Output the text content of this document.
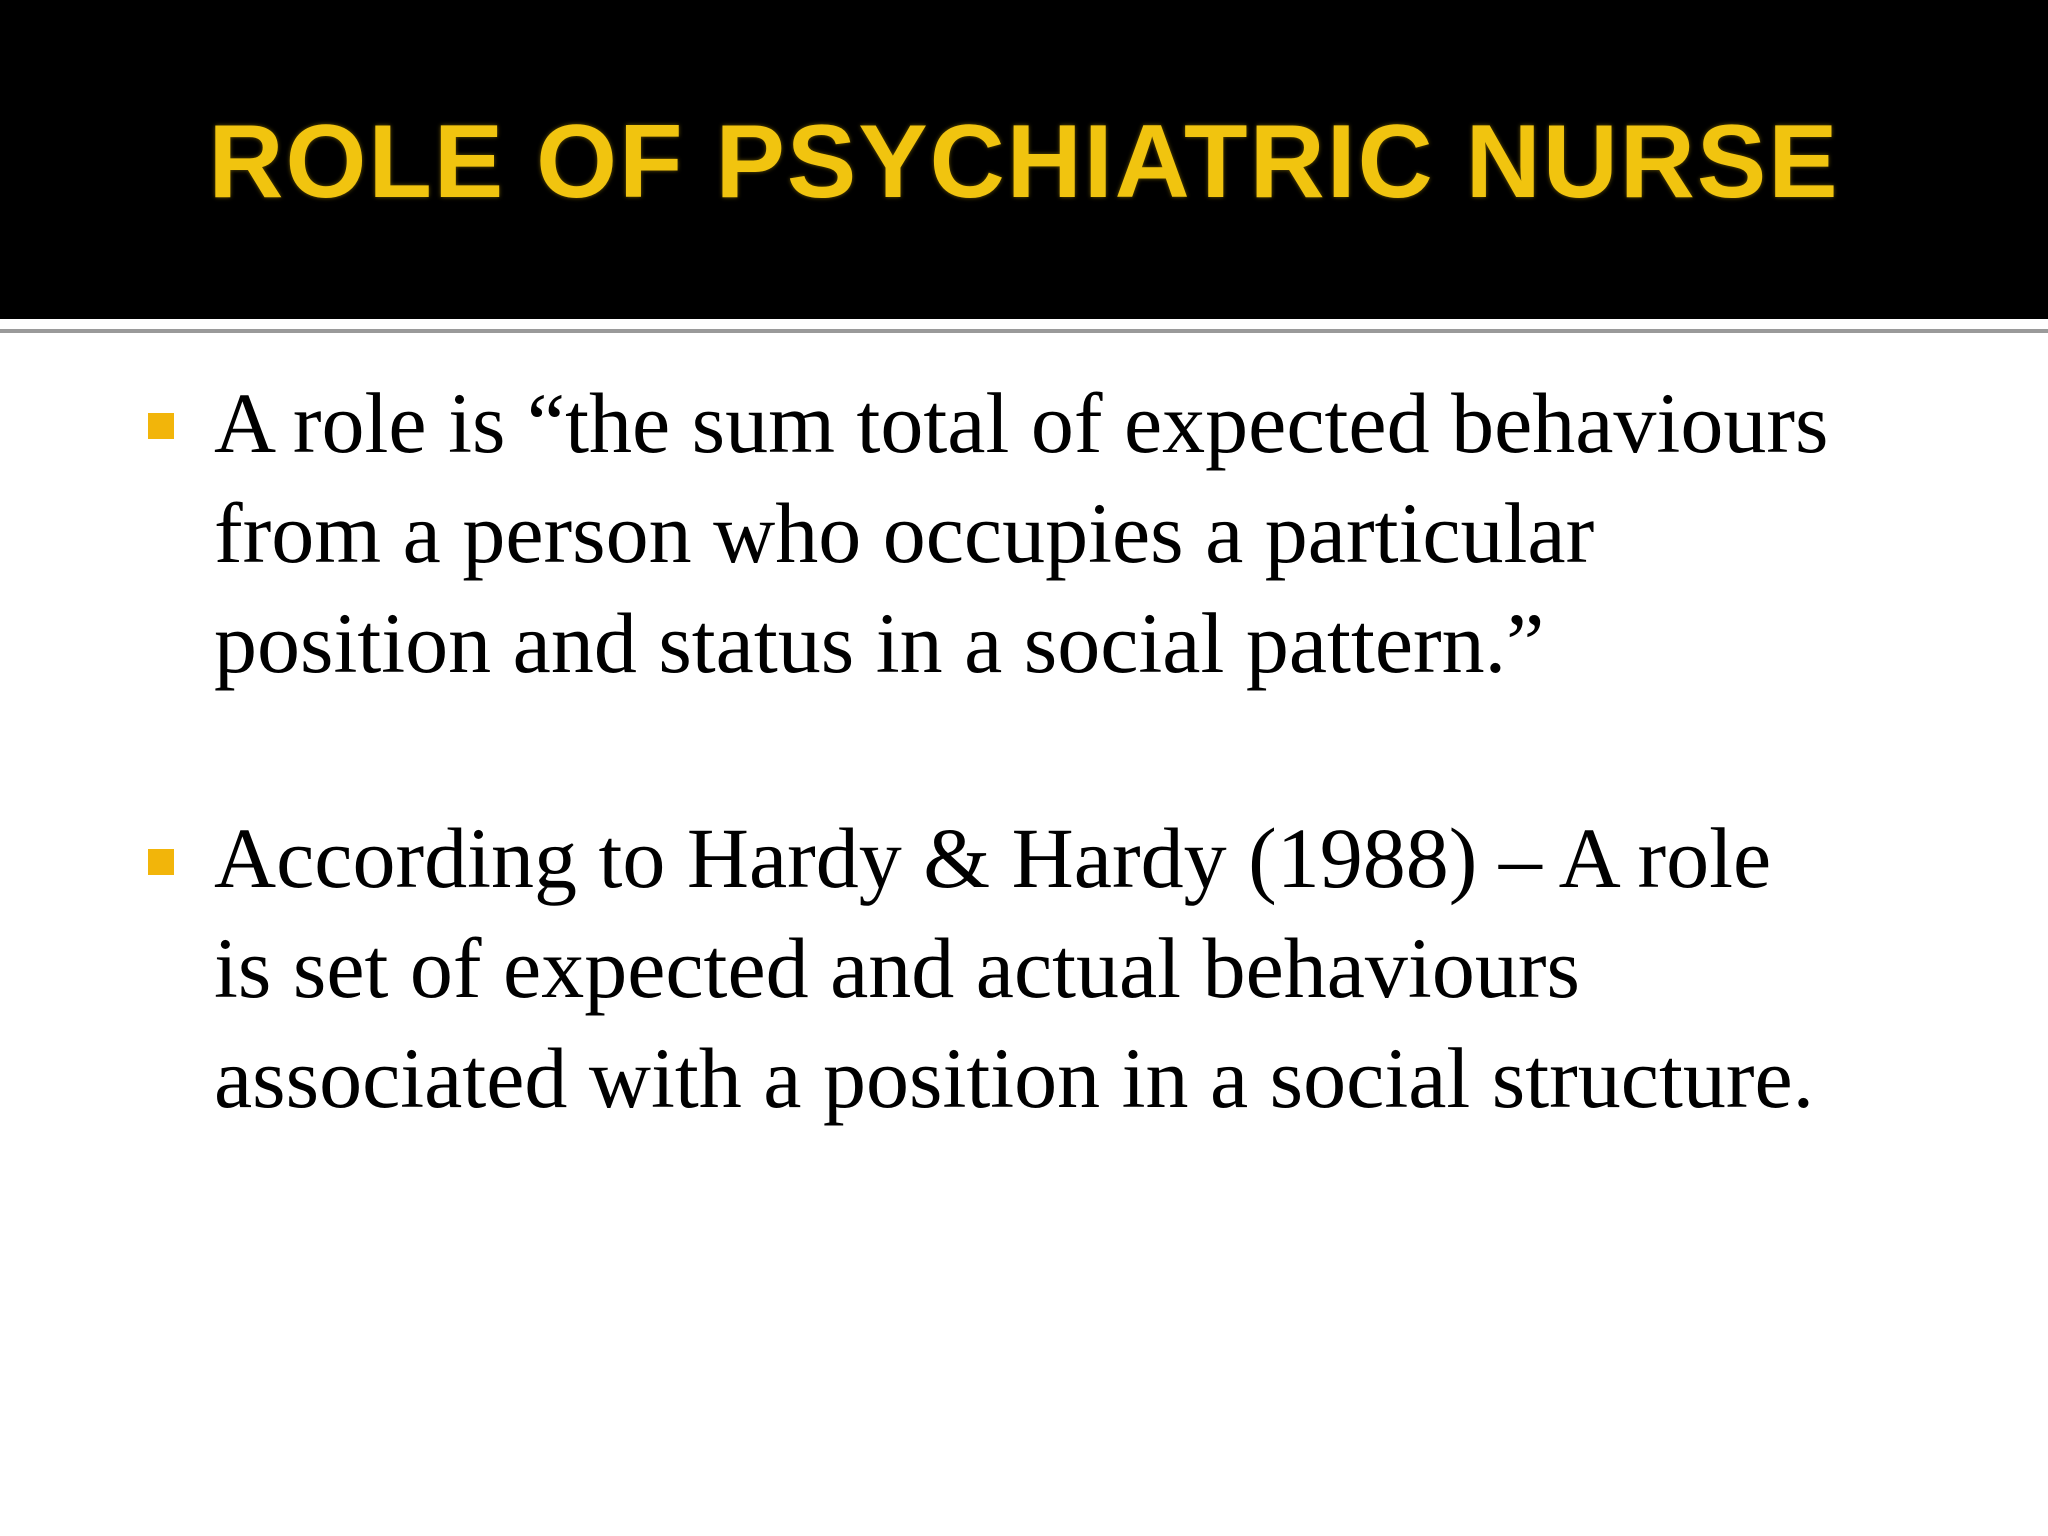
ROLE OF PSYCHIATRIC NURSE
A role is “the sum total of expected behaviours
from a person who occupies a particular
position and status in a social pattern.”
According to Hardy & Hardy (1988) – A role
is set of expected and actual behaviours
associated with a position in a social structure.
